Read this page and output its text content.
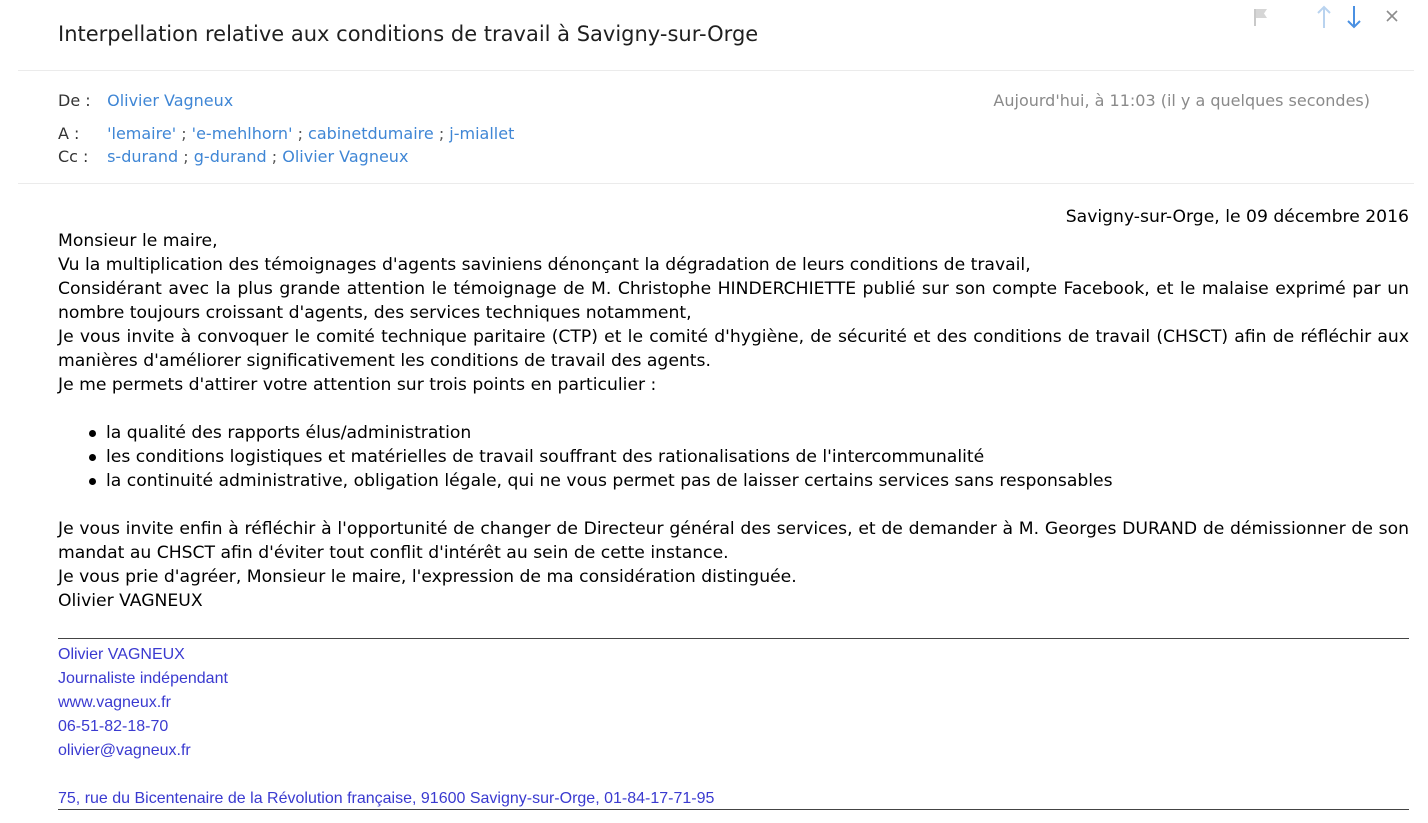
Interpellation relative aux conditions de travail à Savigny-sur-Orge
De : Olivier Vagneux	Aujourd'hui, à 11:03 (il y a quelques secondes)
A : 'lemaire' ; 'e-mehlhorn' ; cabinetdumaire ; j-miallet
Cc : s-durand ; g-durand ; Olivier Vagneux

Savigny-sur-Orge, le 09 décembre 2016

Monsieur le maire,

Vu la multiplication des témoignages d'agents saviniens dénonçant la dégradation de leurs conditions de travail,

Considérant avec la plus grande attention le témoignage de M. Christophe HINDERCHIETTE publié sur son compte Facebook, et le malaise exprimé par un nombre toujours croissant d'agents, des services techniques notamment,

Je vous invite à convoquer le comité technique paritaire (CTP) et le comité d'hygiène, de sécurité et des conditions de travail (CHSCT) afin de réfléchir aux manières d'améliorer significativement les conditions de travail des agents.

Je me permets d'attirer votre attention sur trois points en particulier :

la qualité des rapports élus/administration
les conditions logistiques et matérielles de travail souffrant des rationalisations de l'intercommunalité
la continuité administrative, obligation légale, qui ne vous permet pas de laisser certains services sans responsables

Je vous invite enfin à réfléchir à l'opportunité de changer de Directeur général des services, et de demander à M. Georges DURAND de démissionner de son mandat au CHSCT afin d'éviter tout conflit d'intérêt au sein de cette instance.

Je vous prie d'agréer, Monsieur le maire, l'expression de ma considération distinguée.

Olivier VAGNEUX

Olivier VAGNEUX
Journaliste indépendant
www.vagneux.fr
06-51-82-18-70
olivier@vagneux.fr
75, rue du Bicentenaire de la Révolution française, 91600 Savigny-sur-Orge, 01-84-17-71-95
